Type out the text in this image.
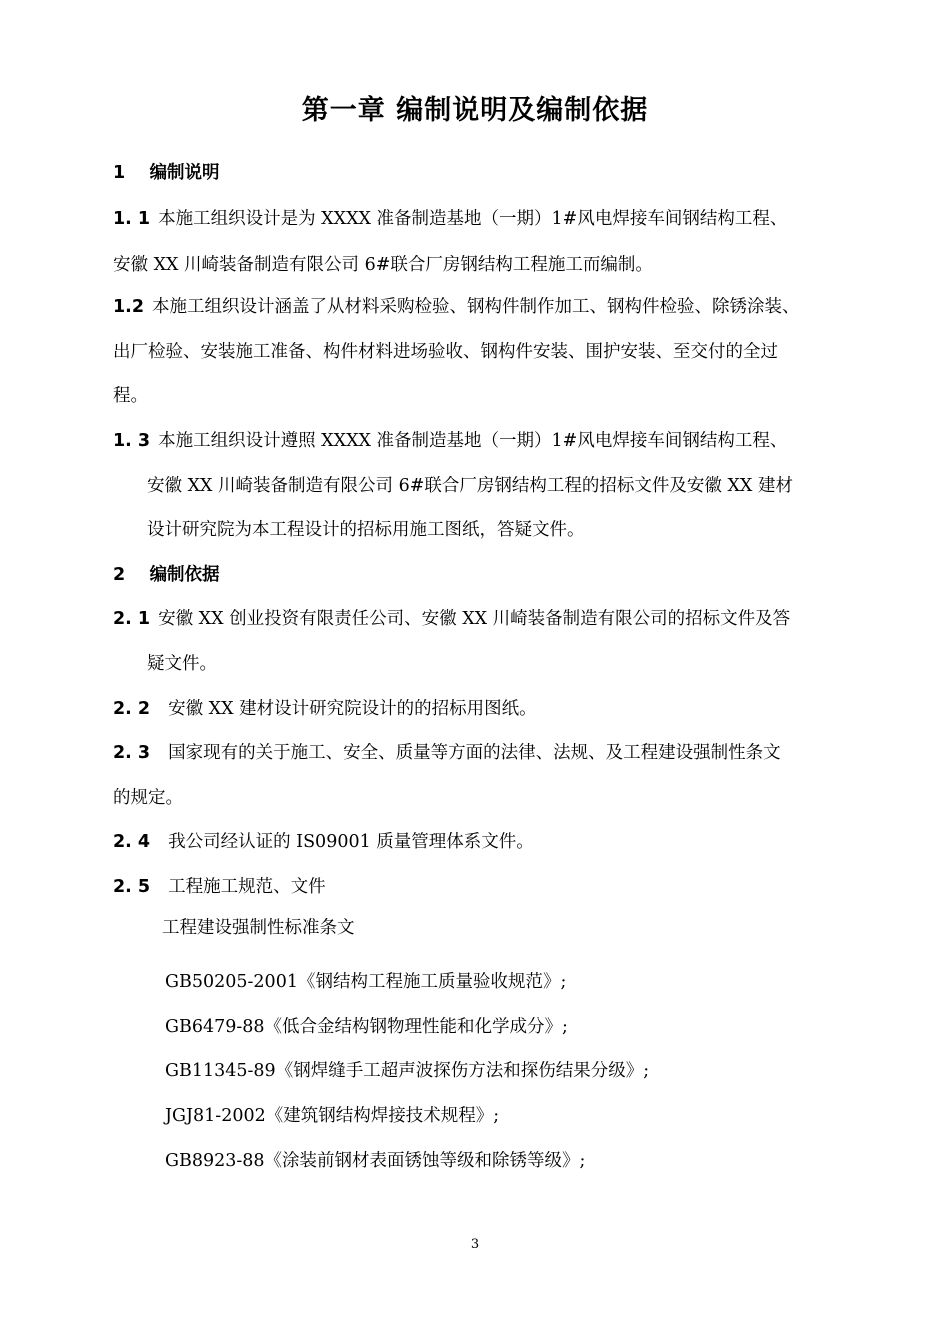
第一章 编制说明及编制依据
1 编制说明
1. 1 本施工组织设计是为 XXXX 准备制造基地（一期）1#风电焊接车间钢结构工程、
安徽 XX 川崎装备制造有限公司 6#联合厂房钢结构工程施工而编制。
1.2 本施工组织设计涵盖了从材料采购检验、钢构件制作加工、钢构件检验、除锈涂装、
出厂检验、安装施工准备、构件材料进场验收、钢构件安装、围护安装、至交付的全过
程。
1. 3 本施工组织设计遵照 XXXX 准备制造基地（一期）1#风电焊接车间钢结构工程、
安徽 XX 川崎装备制造有限公司 6#联合厂房钢结构工程的招标文件及安徽 XX 建材
设计研究院为本工程设计的招标用施工图纸，答疑文件。
2 编制依据
2. 1 安徽 XX 创业投资有限责任公司、安徽 XX 川崎装备制造有限公司的招标文件及答
疑文件。
2. 2 安徽 XX 建材设计研究院设计的的招标用图纸。
2. 3 国家现有的关于施工、安全、质量等方面的法律、法规、及工程建设强制性条文
的规定。
2. 4 我公司经认证的 IS09001 质量管理体系文件。
2. 5 工程施工规范、文件
工程建设强制性标准条文
GB50205-2001《钢结构工程施工质量验收规范》;
GB6479-88《低合金结构钢物理性能和化学成分》;
GB11345-89《钢焊缝手工超声波探伤方法和探伤结果分级》;
JGJ81-2002《建筑钢结构焊接技术规程》;
GB8923-88《涂装前钢材表面锈蚀等级和除锈等级》;
3
